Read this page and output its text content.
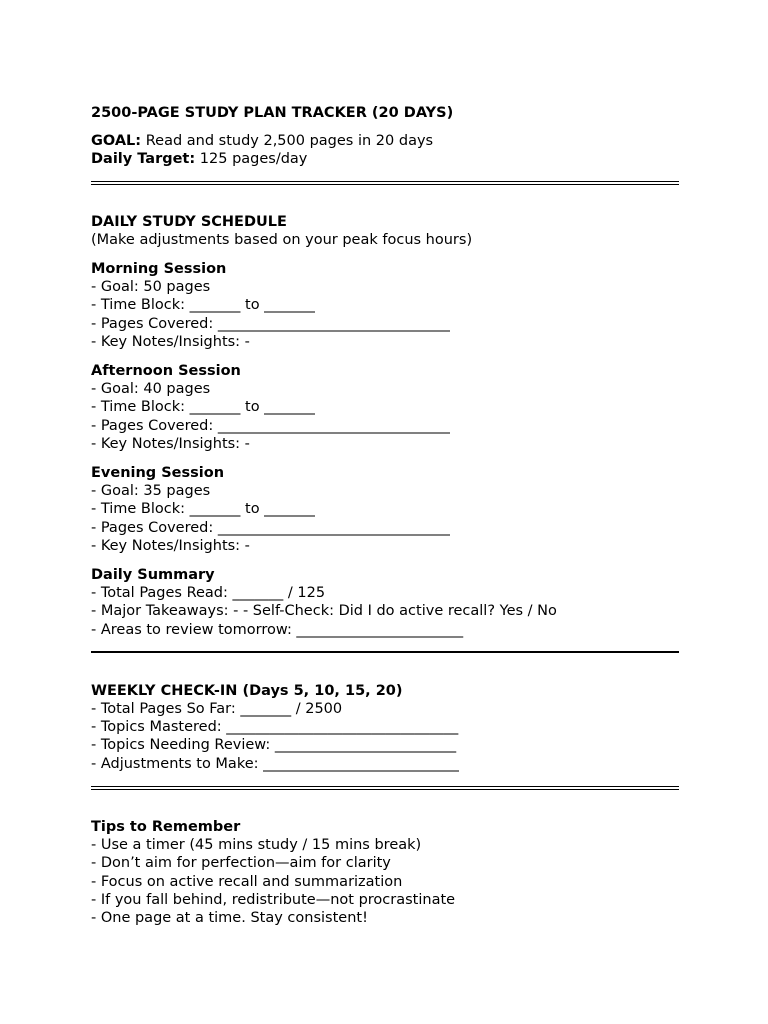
2500-PAGE STUDY PLAN TRACKER (20 DAYS)
GOAL: Read and study 2,500 pages in 20 days
Daily Target: 125 pages/day
DAILY STUDY SCHEDULE
(Make adjustments based on your peak focus hours)
Morning Session
- Goal: 50 pages
- Time Block: _______ to _______
- Pages Covered: ________________________________
- Key Notes/Insights: -
Afternoon Session
- Goal: 40 pages
- Time Block: _______ to _______
- Pages Covered: ________________________________
- Key Notes/Insights: -
Evening Session
- Goal: 35 pages
- Time Block: _______ to _______
- Pages Covered: ________________________________
- Key Notes/Insights: -
Daily Summary
- Total Pages Read: _______ / 125
- Major Takeaways: - - Self-Check: Did I do active recall? Yes / No
- Areas to review tomorrow: _______________________
WEEKLY CHECK-IN (Days 5, 10, 15, 20)
- Total Pages So Far: _______ / 2500
- Topics Mastered: ________________________________
- Topics Needing Review: _________________________
- Adjustments to Make: ___________________________
Tips to Remember
- Use a timer (45 mins study / 15 mins break)
- Don’t aim for perfection—aim for clarity
- Focus on active recall and summarization
- If you fall behind, redistribute—not procrastinate
- One page at a time. Stay consistent!
